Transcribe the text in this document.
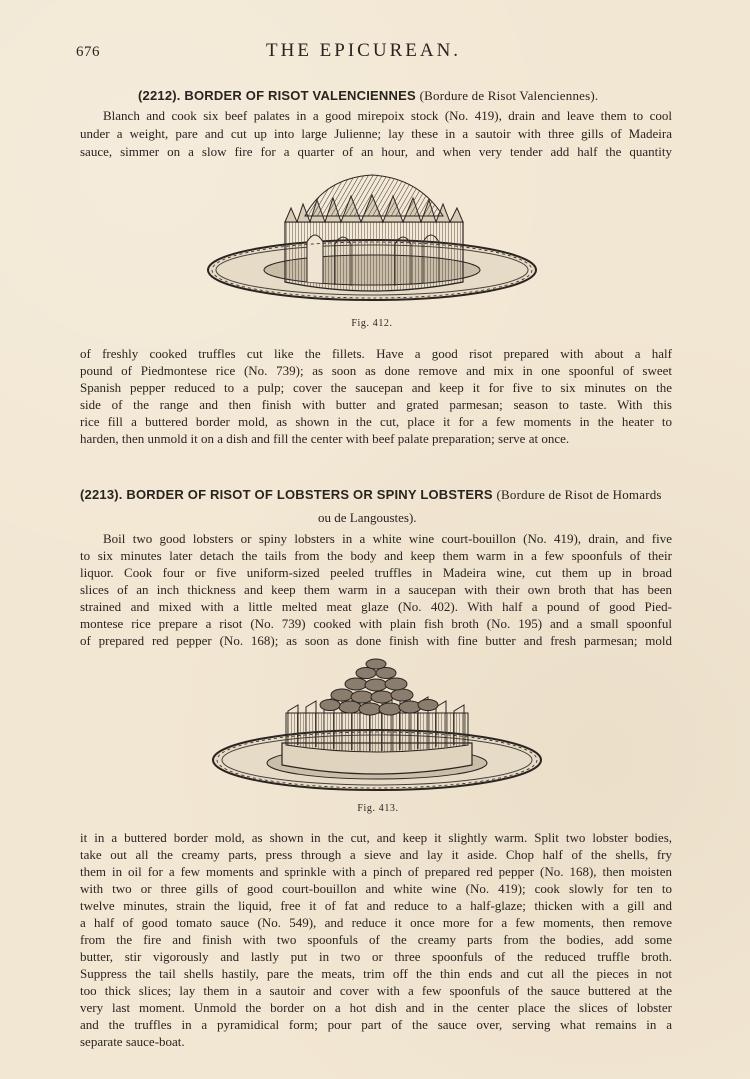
676	THE EPICUREAN.
(2212). BORDER OF RISOT VALENCIENNES (Bordure de Risot Valenciennes).
Blanch and cook six beef palates in a good mirepoix stock (No. 419), drain and leave them to cool
under a weight, pare and cut up into large Julienne; lay these in a sautoir with three gills of Madeira
sauce, simmer on a slow fire for a quarter of an hour, and when very tender add half the quantity
Fig. 412.
of freshly cooked truffles cut like the fillets. Have a good risot prepared with about a half
pound of Piedmontese rice (No. 739); as soon as done remove and mix in one spoonful of sweet
Spanish pepper reduced to a pulp; cover the saucepan and keep it for five to six minutes on the
side of the range and then finish with butter and grated parmesan; season to taste. With this
rice fill a buttered border mold, as shown in the cut, place it for a few moments in the heater to
harden, then unmold it on a dish and fill the center with beef palate preparation; serve at once.
(2213). BORDER OF RISOT OF LOBSTERS OR SPINY LOBSTERS (Bordure de Risot de Homards
ou de Langoustes).
Boil two good lobsters or spiny lobsters in a white wine court-bouillon (No. 419), drain, and five
to six minutes later detach the tails from the body and keep them warm in a few spoonfuls of their
liquor. Cook four or five uniform-sized peeled truffles in Madeira wine, cut them up in broad
slices of an inch thickness and keep them warm in a saucepan with their own broth that has been
strained and mixed with a little melted meat glaze (No. 402). With half a pound of good Pied-
montese rice prepare a risot (No. 739) cooked with plain fish broth (No. 195) and a small spoonful
of prepared red pepper (No. 168); as soon as done finish with fine butter and fresh parmesan; mold
Fig. 413.
it in a buttered border mold, as shown in the cut, and keep it slightly warm. Split two lobster bodies,
take out all the creamy parts, press through a sieve and lay it aside. Chop half of the shells, fry
them in oil for a few moments and sprinkle with a pinch of prepared red pepper (No. 168), then moisten
with two or three gills of good court-bouillon and white wine (No. 419); cook slowly for ten to
twelve minutes, strain the liquid, free it of fat and reduce to a half-glaze; thicken with a gill and
a half of good tomato sauce (No. 549), and reduce it once more for a few moments, then remove
from the fire and finish with two spoonfuls of the creamy parts from the bodies, add some
butter, stir vigorously and lastly put in two or three spoonfuls of the reduced truffle broth.
Suppress the tail shells hastily, pare the meats, trim off the thin ends and cut all the pieces in not
too thick slices; lay them in a sautoir and cover with a few spoonfuls of the sauce buttered at the
very last moment. Unmold the border on a hot dish and in the center place the slices of lobster
and the truffles in a pyramidical form; pour part of the sauce over, serving what remains in a
separate sauce-boat.
